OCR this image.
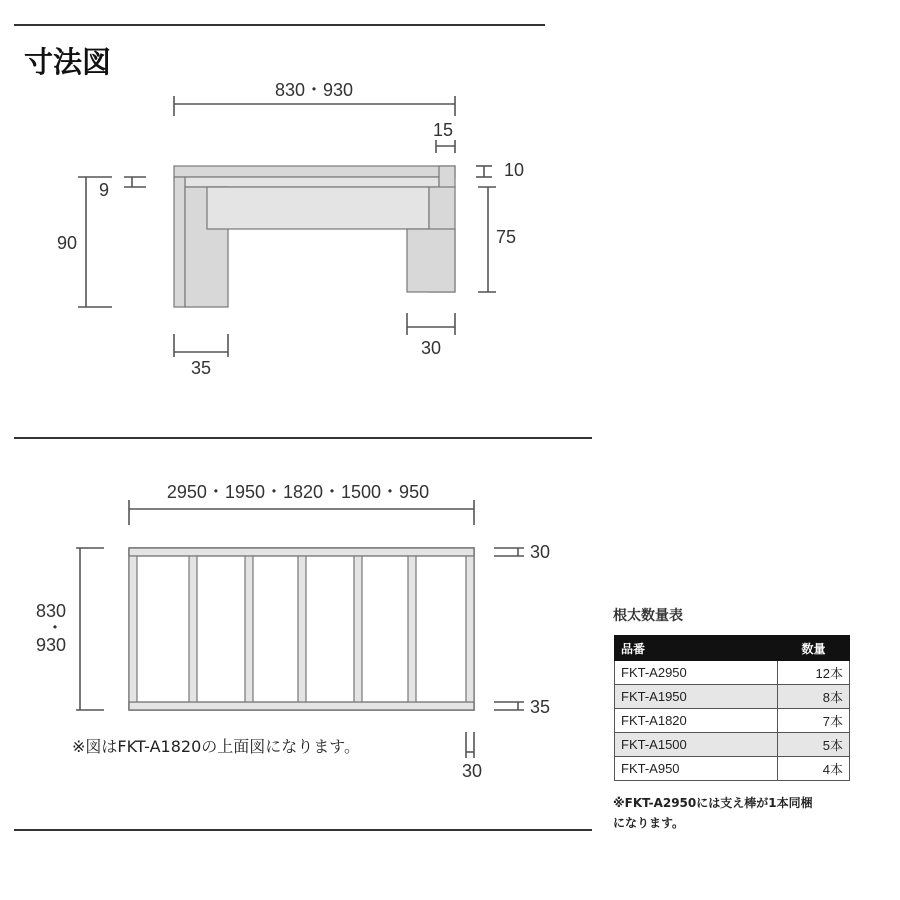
寸法図
830・930
15
10
75
9
90
30
35
2950・1950・1820・1500・950
830
・
930
30
35
30
※図はFKT-A1820の上面図になります。
根太数量表
品番	数量
FKT-A2950	12本
FKT-A1950	8本
FKT-A1820	7本
FKT-A1500	5本
FKT-A950	4本
※FKT-A2950には支え棒が1本同梱
になります。
